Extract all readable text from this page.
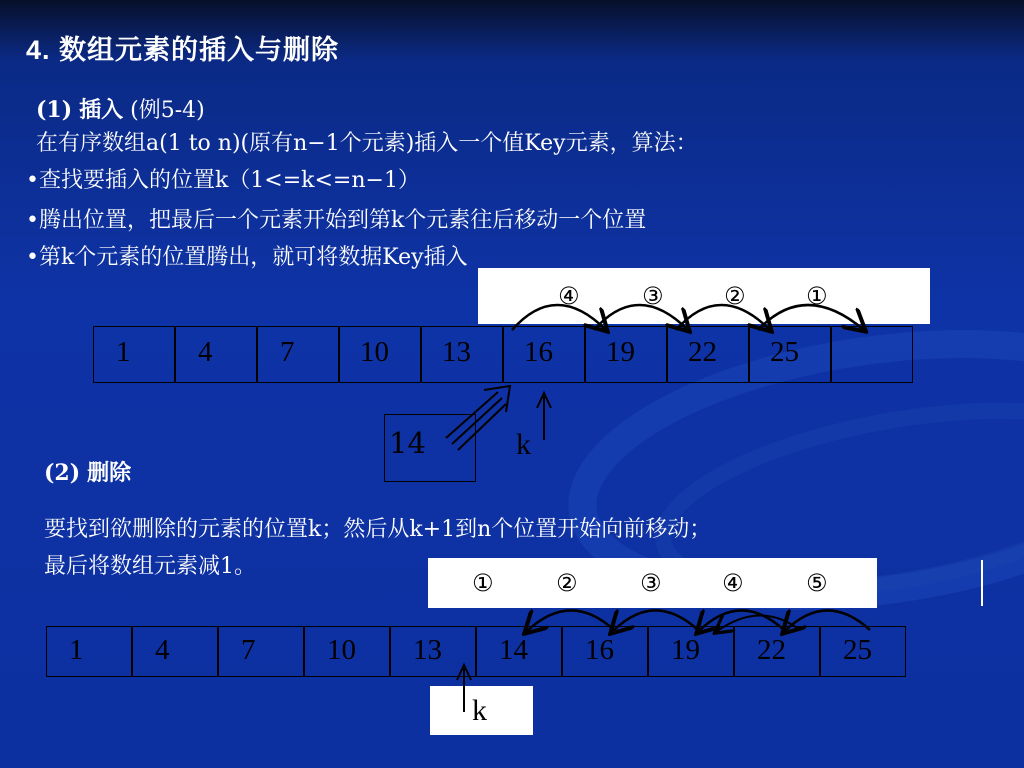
4. 数组元素的插入与删除
(1) 插入 (例5-4)
在有序数组a(1 to n)(原有n−1个元素)插入一个值Key元素，算法：
•查找要插入的位置k（1<=k<=n−1）
•腾出位置，把最后一个元素开始到第k个元素往后移动一个位置
•第k个元素的位置腾出，就可将数据Key插入
④	③	②	①
1	4	7	10	13	16	19	22	25
14	k
(2) 删除
要找到欲删除的元素的位置k；然后从k+1到n个位置开始向前移动；
最后将数组元素减1。
①	②	③	④	⑤
1	4	7	10	13	14	16	19	22	25
k
